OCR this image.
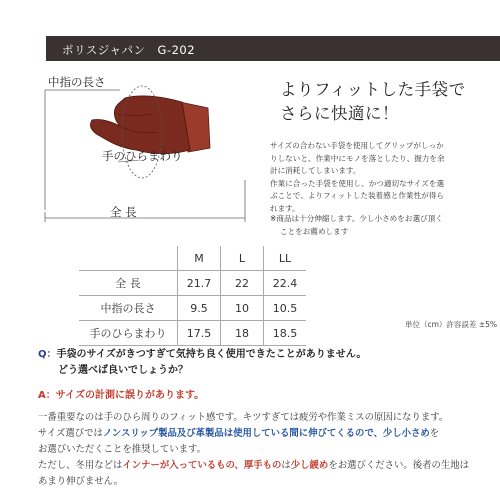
ポリスジャパン　G-202
中指の長さ
手のひらまわり
全 長
よりフィットした手袋で
さらに快適に！
サイズの合わない手袋を使用してグリップがしっか
りしないと、作業中にモノを落としたり、握力を余
計に消耗してしまいます。
作業に合った手袋を使用し、かつ適切なサイズを選
ぶことで、よりフィットした装着感と作業性が得ら
れます。
※商品は十分伸縮します。少し小さめをお選び頂く
ことをお薦めします
	M	L	LL
全 長	21.7	22	22.4
中指の長さ	9.5	10	10.5
手のひらまわり	17.5	18	18.5
単位（cm）許容誤差 ±5%
Q：手袋のサイズがきつすぎて気持ち良く使用できたことがありません。
どう選べば良いでしょうか？
A：サイズの計測に誤りがあります。
一番重要なのは手のひら周りのフィット感です。キツすぎては疲労や作業ミスの原因になります。
サイズ選びではノンスリップ製品及び革製品は使用している間に伸びてくるので、少し小さめを
お選びいただくことを推奨しています。
ただし、冬用などはインナーが入っているもの、厚手ものは少し緩めをお選びください。後者の生地は
あまり伸びません。
